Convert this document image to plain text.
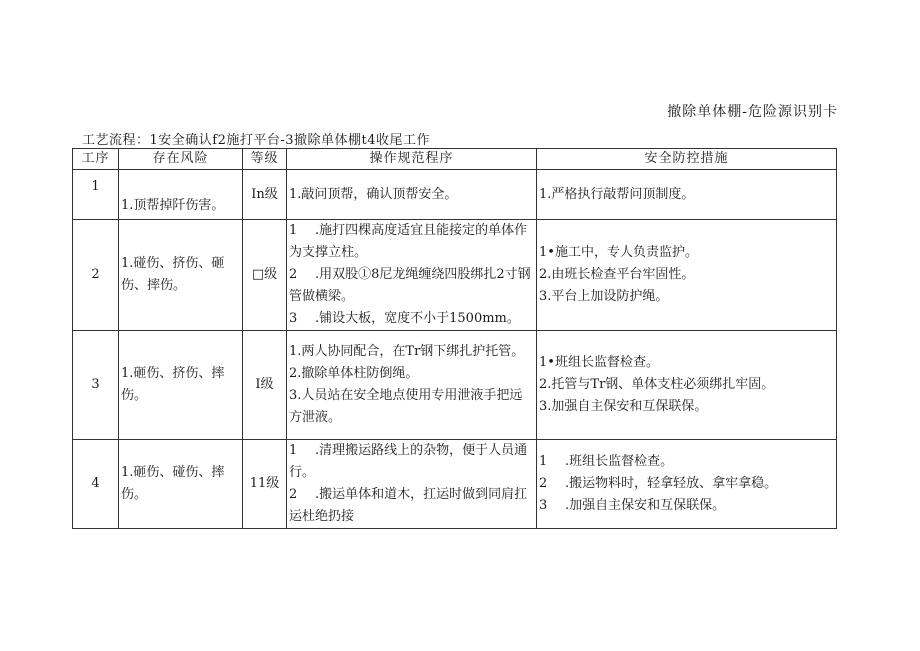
撤除单体棚-危险源识别卡
工艺流程：1安全确认f2施打平台-3撤除单体棚t4收尾工作
工序	存在风险	等级	操作规范程序	安全防控措施
1	1.顶帮掉阡伤害。	In级	1.敲问顶帮，确认顶帮安全。	1.严格执行敲帮问顶制度。

2	1.碰伤、挤伤、砸伤、摔伤。	□级	1 .施打四棵高度适宜且能接定的单体作为支撑立柱。
2 .用双股①8尼龙绳缠绕四股绑扎2寸钢管做横梁。
3 .铺设大板，宽度不小于1500mm。	1•施工中，专人负责监护。
2.由班长检查平台牢固性。
3.平台上加设防护绳。

3	1.砸伤、挤伤、摔伤。	I级	1.两人协同配合，在Tr钢下绑扎护托管。
2.撤除单体柱防倒绳。
3.人员站在安全地点使用专用泄液手把远方泄液。	1•班组长监督检查。
2.托管与Tr钢、单体支柱必须绑扎牢固。
3.加强自主保安和互保联保。

4	1.砸伤、碰伤、摔伤。	11级	1 .清理搬运路线上的杂物，便于人员通行。
2 .搬运单体和道木，扛运时做到同肩扛运杜绝扔接	1 .班组长监督检查。
2 .搬运物料时，轻拿轻放、拿牢拿稳。
3 .加强自主保安和互保联保。
